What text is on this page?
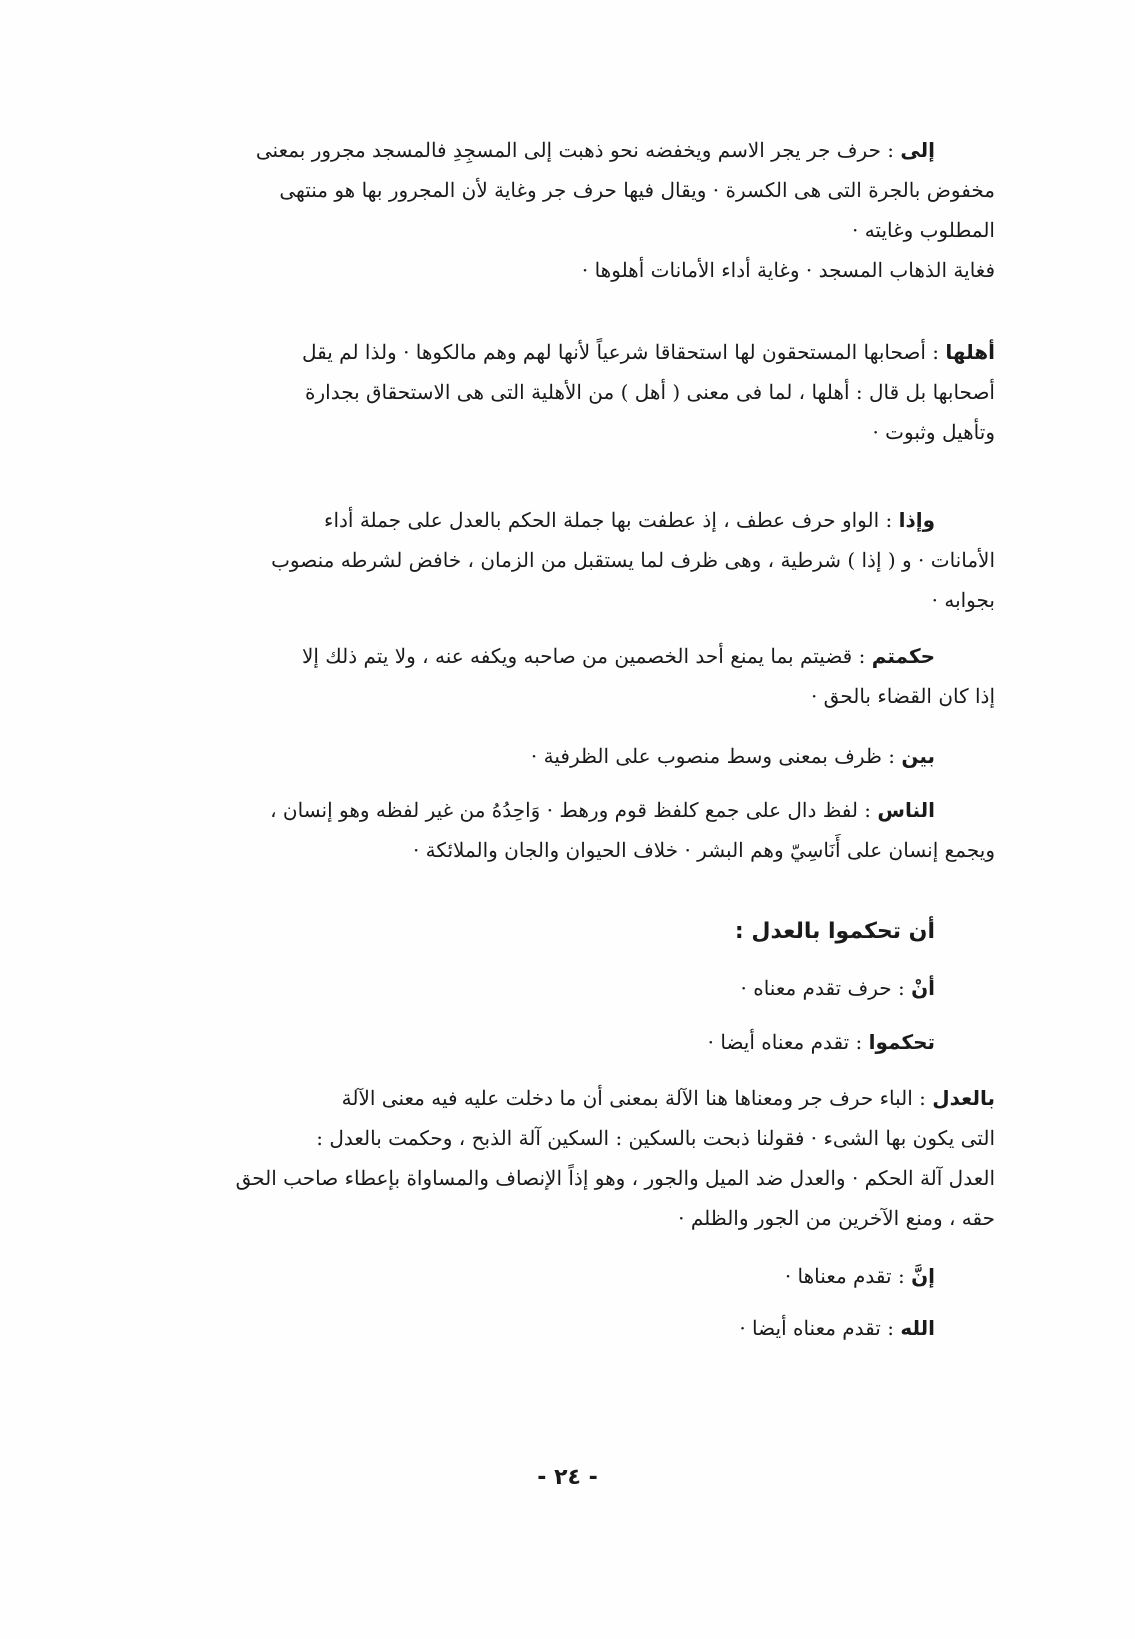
إلى : حرف جر يجر الاسم ويخفضه نحو ذهبت إلى المسجِدِ فالمسجد مجرور بمعنى
مخفوض بالجرة التى هى الكسرة · ويقال فيها حرف جر وغاية لأن المجرور بها هو منتهى
المطلوب وغايته ·
فغاية الذهاب المسجد · وغاية أداء الأمانات أهلوها ·
أهلها : أصحابها المستحقون لها استحقاقا شرعياً لأنها لهم وهم مالكوها · ولذا لم يقل
أصحابها بل قال : أهلها ، لما فى معنى ( أهل ) من الأهلية التى هى الاستحقاق بجدارة
وتأهيل وثبوت ·
وإذا : الواو حرف عطف ، إذ عطفت بها جملة الحكم بالعدل على جملة أداء
الأمانات · و ( إذا ) شرطية ، وهى ظرف لما يستقبل من الزمان ، خافض لشرطه منصوب
بجوابه ·
حكمتم : قضيتم بما يمنع أحد الخصمين من صاحبه ويكفه عنه ، ولا يتم ذلك إلا
إذا كان القضاء بالحق ·
بين : ظرف بمعنى وسط منصوب على الظرفية ·
الناس : لفظ دال على جمع كلفظ قوم ورهط · وَاحِدُهُ من غير لفظه وهو إنسان ،
ويجمع إنسان على أَنَاسِيّ وهم البشر · خلاف الحيوان والجان والملائكة ·
أن تحكموا بالعدل :
أنْ : حرف تقدم معناه ·
تحكموا : تقدم معناه أيضا ·
بالعدل : الباء حرف جر ومعناها هنا الآلة بمعنى أن ما دخلت عليه فيه معنى الآلة
التى يكون بها الشىء · فقولنا ذبحت بالسكين : السكين آلة الذبح ، وحكمت بالعدل :
العدل آلة الحكم · والعدل ضد الميل والجور ، وهو إذاً الإنصاف والمساواة بإعطاء صاحب الحق
حقه ، ومنع الآخرين من الجور والظلم ·
إنَّ : تقدم معناها ·
الله : تقدم معناه أيضا ·
- ٢٤ -
